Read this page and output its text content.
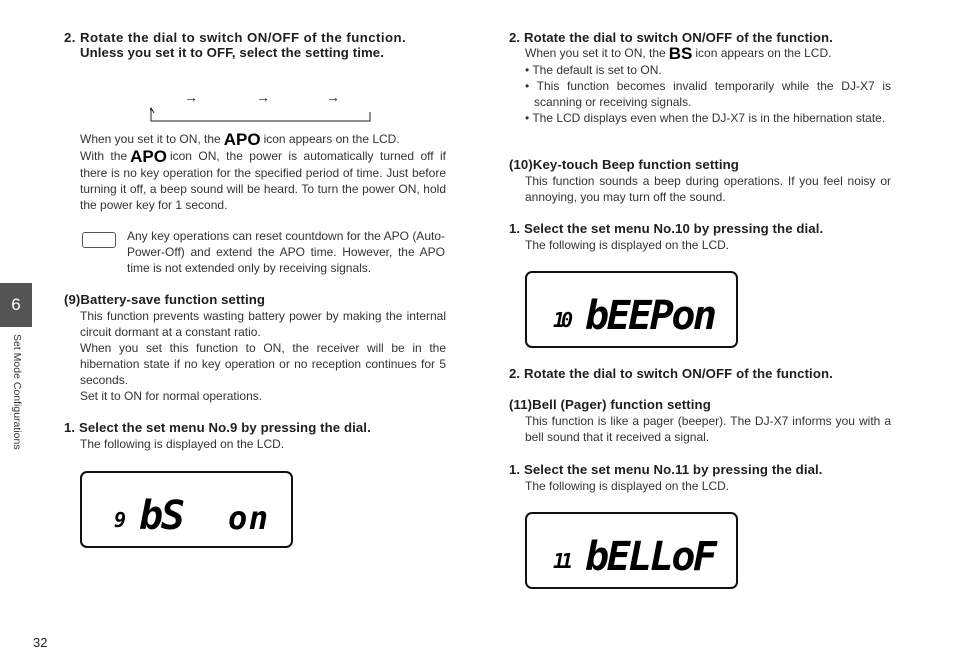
6
Set Mode Configurations
32
2. Rotate the dial to switch ON/OFF of the function.
Unless you set it to OFF, select the setting time.
→	→	→
When you set it to ON, the APO icon appears on the LCD.
With the APO icon ON, the power is automatically turned off if there is no key operation for the specified period of time. Just before turning it off, a beep sound will be heard. To turn the power ON, hold the power key for 1 second.
Any key operations can reset countdown for the APO (Auto-Power-Off) and extend the APO time. However, the APO time is not extended only by receiving signals.
(9)Battery-save function setting
This function prevents wasting battery power by making the internal circuit dormant at a constant ratio.
When you set this function to ON, the receiver will be in the hibernation state if no key operation or no reception continues for 5 seconds.
Set it to ON for normal operations.
1. Select the set menu No.9 by pressing the dial.
The following is displayed on the LCD.
9 bS on
2. Rotate the dial to switch ON/OFF of the function.
When you set it to ON, the BS icon appears on the LCD.
• The default is set to ON.
• This function becomes invalid temporarily while the DJ-X7 is scanning or receiving signals.
• The LCD displays even when the DJ-X7 is in the hibernation state.
(10)Key-touch Beep function setting
This function sounds a beep during operations. If you feel noisy or annoying, you may turn off the sound.
1. Select the set menu No.10 by pressing the dial.
The following is displayed on the LCD.
10 bEEPon
2. Rotate the dial to switch ON/OFF of the function.
(11)Bell (Pager) function setting
This function is like a pager (beeper). The DJ-X7 informs you with a bell sound that it received a signal.
1. Select the set menu No.11 by pressing the dial.
The following is displayed on the LCD.
11 bELLoF
